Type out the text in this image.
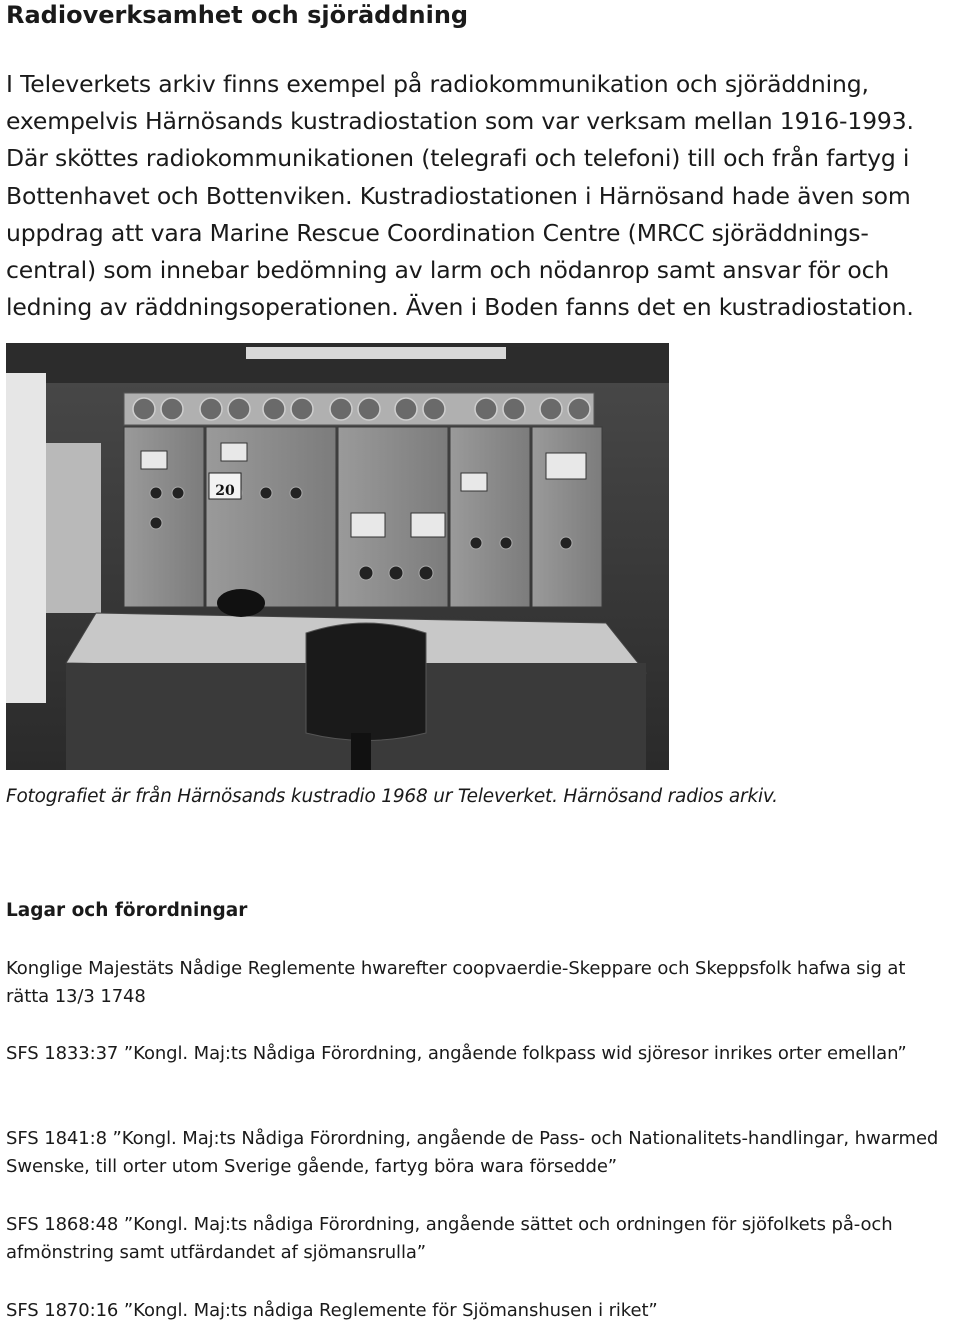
Radioverksamhet och sjöräddning

I Televerkets arkiv finns exempel på radiokommunikation och sjöräddning, exempelvis Härnösands kustradiostation som var verksam mellan 1916-1993. Där sköttes radiokommunikationen (telegrafi och telefoni) till och från fartyg i Bottenhavet och Bottenviken. Kustradiostationen i Härnösand hade även som uppdrag att vara Marine Rescue Coordination Centre (MRCC sjöräddnings-central) som innebar bedömning av larm och nödanrop samt ansvar för och ledning av räddningsoperationen. Även i Boden fanns det en kustradiostation.

20

Fotografiet är från Härnösands kustradio 1968 ur Televerket. Härnösand radios arkiv.

Lagar och förordningar

Konglige Majestäts Nådige Reglemente hwarefter coopvaerdie-Skeppare och Skeppsfolk hafwa sig at rätta 13/3 1748

SFS 1833:37 ”Kongl. Maj:ts Nådiga Förordning, angående folkpass wid sjöresor inrikes orter emellan”

SFS 1841:8 ”Kongl. Maj:ts Nådiga Förordning, angående de Pass- och Nationalitets-handlingar, hwarmed Swenske, till orter utom Sverige gående, fartyg böra wara försedde”

SFS 1868:48 ”Kongl. Maj:ts nådiga Förordning, angående sättet och ordningen för sjöfolkets på-och afmönstring samt utfärdandet af sjömansrulla”

SFS 1870:16 ”Kongl. Maj:ts nådiga Reglemente för Sjömanshusen i riket”
